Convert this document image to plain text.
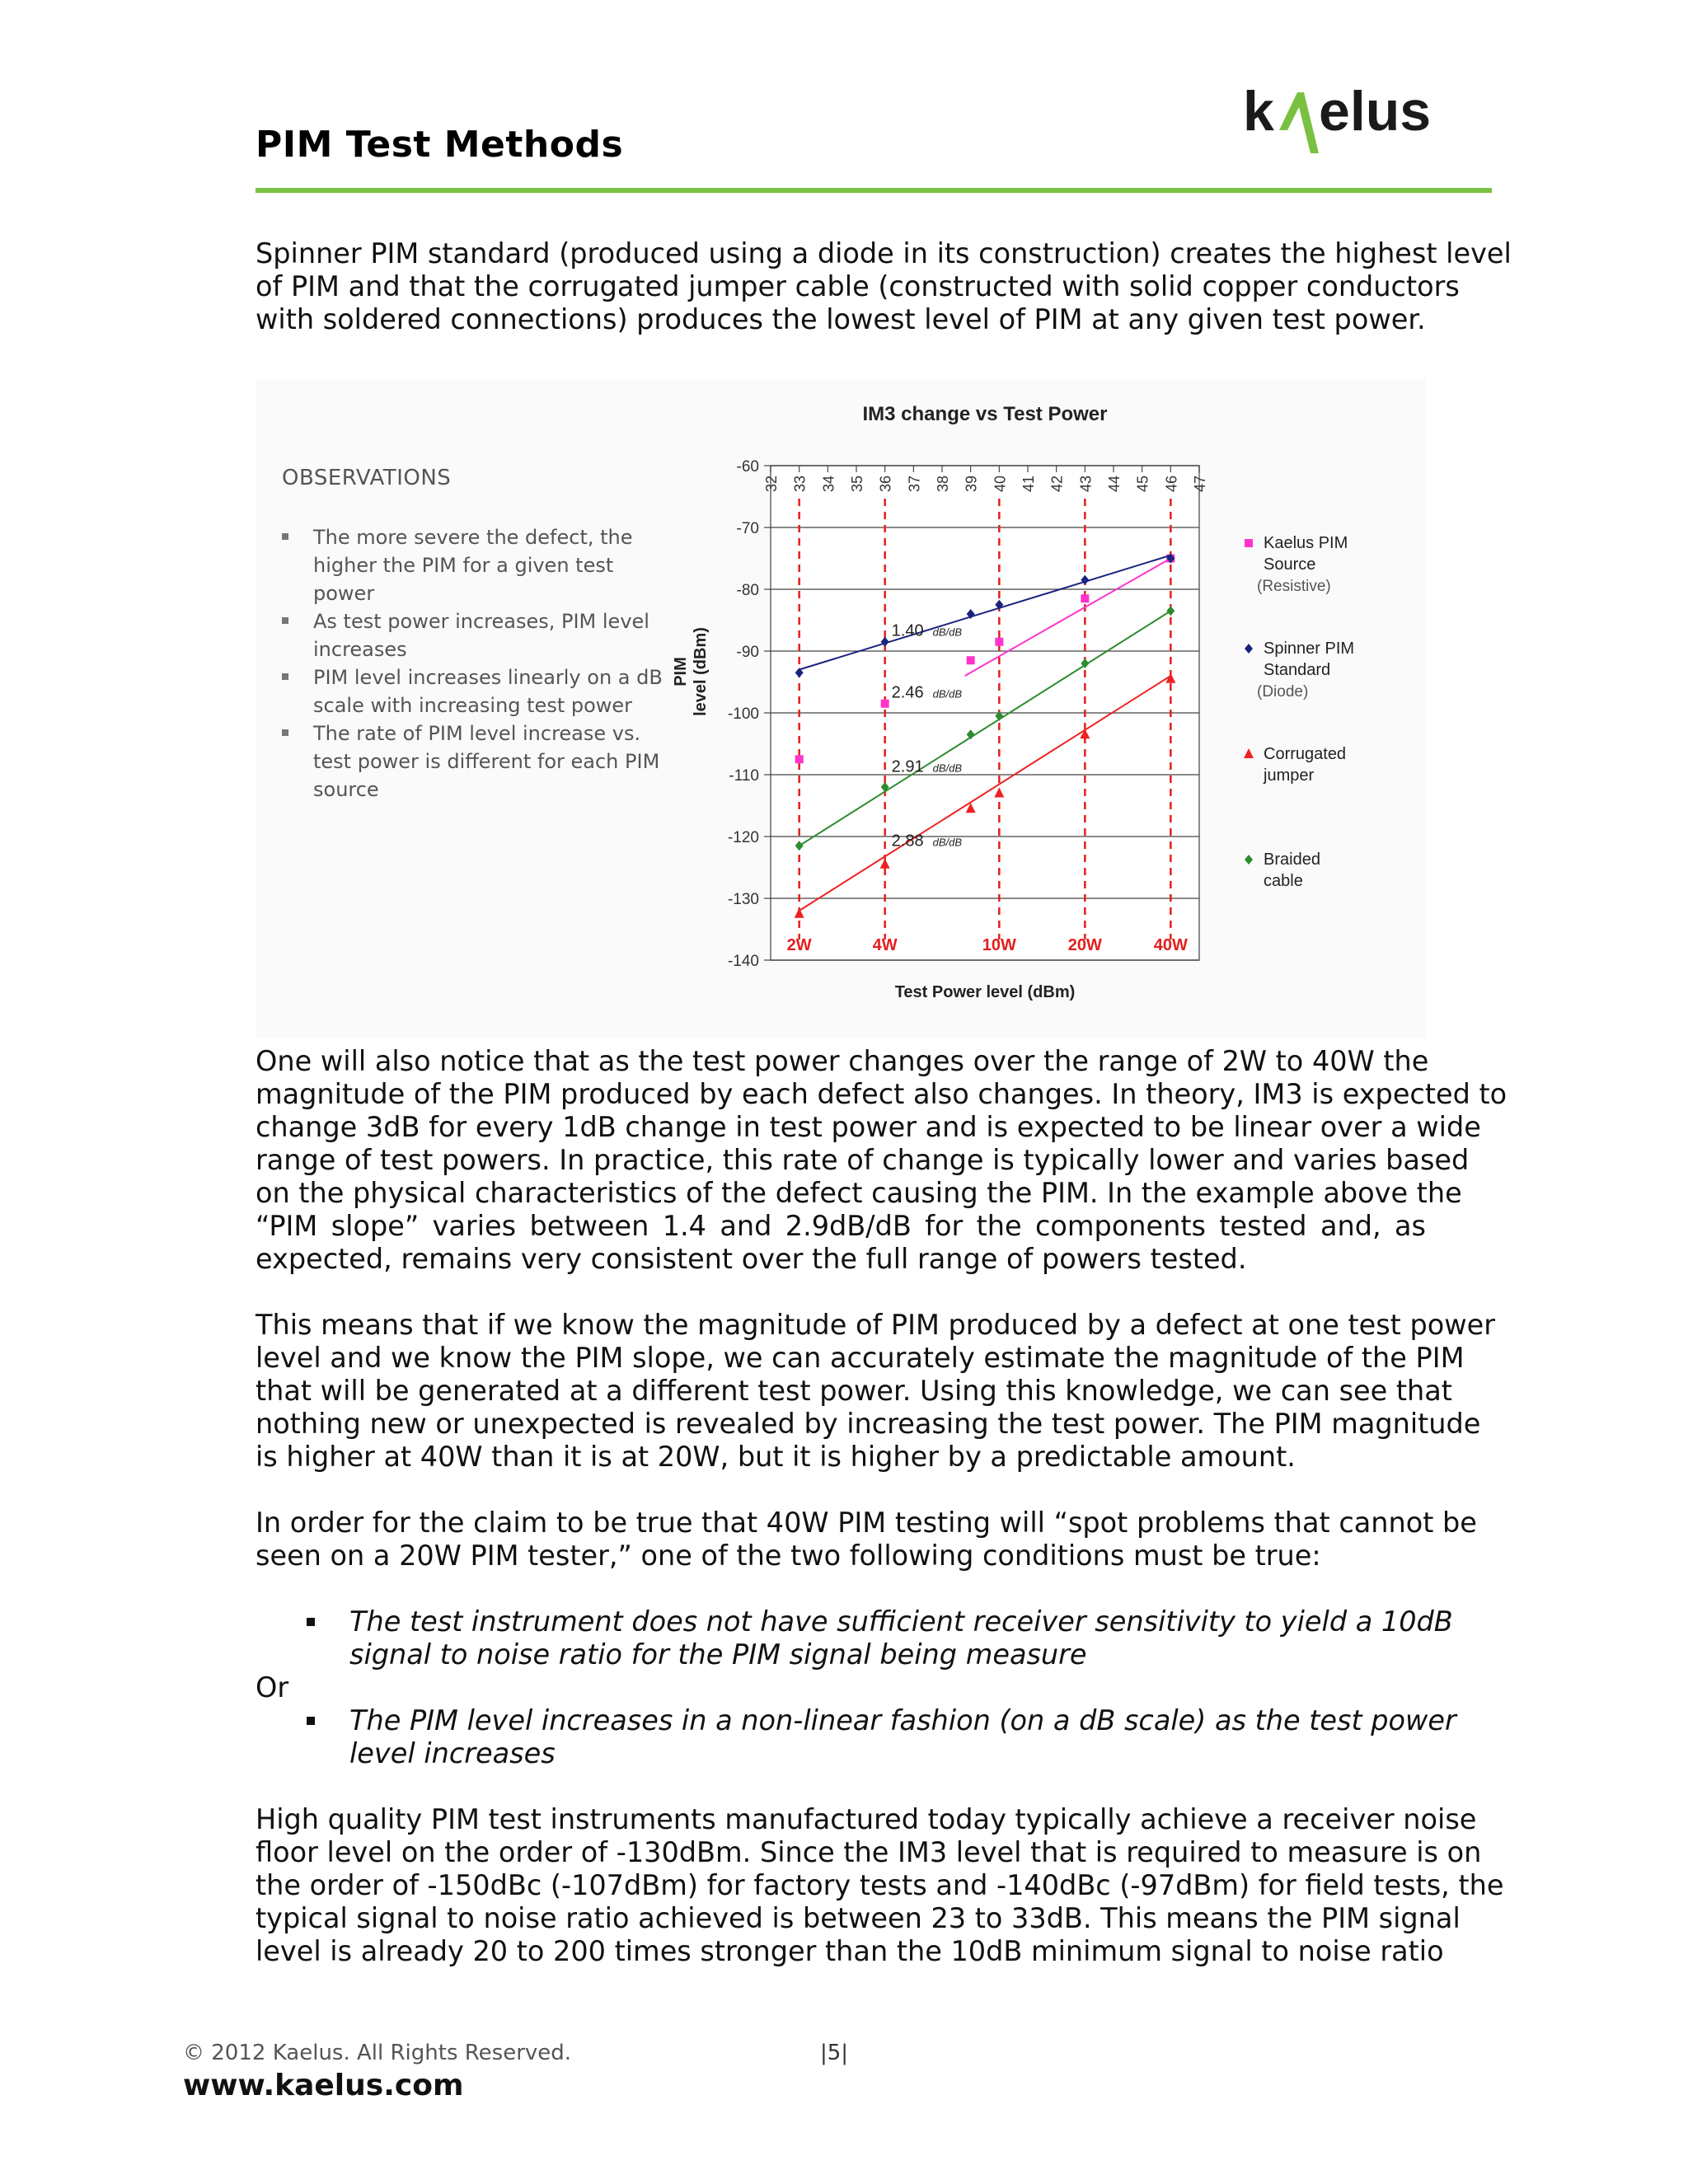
PIM Test Methods
k elus
Spinner PIM standard (produced using a diode in its construction) creates the highest level
of PIM and that the corrugated jumper cable (constructed with solid copper conductors
with soldered connections) produces the lowest level of PIM at any given test power.
OBSERVATIONS
The more severe the defect, the higher the PIM for a given test power
As test power increases, PIM level increases
PIM level increases linearly on a dB scale with increasing test power
The rate of PIM level increase vs. test power is different for each PIM source
IM3 change vs Test Power
-60
-70
-80
-90
-100
-110
-120
-130
-140
32 33 34 35 36 37 38 39 40 41 42 43 44 45 46 47
2W	4W	10W	20W	40W
1.40 dB/dB
2.46 dB/dB
2.91 dB/dB
2.88 dB/dB
PIM level (dBm)
Test Power level (dBm)
Kaelus PIM
Source
(Resistive)
Spinner PIM
Standard
(Diode)
Corrugated
jumper
Braided
cable
One will also notice that as the test power changes over the range of 2W to 40W the
magnitude of the PIM produced by each defect also changes. In theory, IM3 is expected to
change 3dB for every 1dB change in test power and is expected to be linear over a wide
range of test powers. In practice, this rate of change is typically lower and varies based
on the physical characteristics of the defect causing the PIM. In the example above the
“PIM slope” varies between 1.4 and 2.9dB/dB for the components tested and, as
expected, remains very consistent over the full range of powers tested.
This means that if we know the magnitude of PIM produced by a defect at one test power
level and we know the PIM slope, we can accurately estimate the magnitude of the PIM
that will be generated at a different test power. Using this knowledge, we can see that
nothing new or unexpected is revealed by increasing the test power. The PIM magnitude
is higher at 40W than it is at 20W, but it is higher by a predictable amount.
In order for the claim to be true that 40W PIM testing will “spot problems that cannot be
seen on a 20W PIM tester,” one of the two following conditions must be true:
The test instrument does not have sufficient receiver sensitivity to yield a 10dB
signal to noise ratio for the PIM signal being measure
Or
The PIM level increases in a non-linear fashion (on a dB scale) as the test power
level increases
High quality PIM test instruments manufactured today typically achieve a receiver noise
floor level on the order of -130dBm. Since the IM3 level that is required to measure is on
the order of -150dBc (-107dBm) for factory tests and -140dBc (-97dBm) for field tests, the
typical signal to noise ratio achieved is between 23 to 33dB. This means the PIM signal
level is already 20 to 200 times stronger than the 10dB minimum signal to noise ratio
© 2012 Kaelus. All Rights Reserved.	|5|
www.kaelus.com
